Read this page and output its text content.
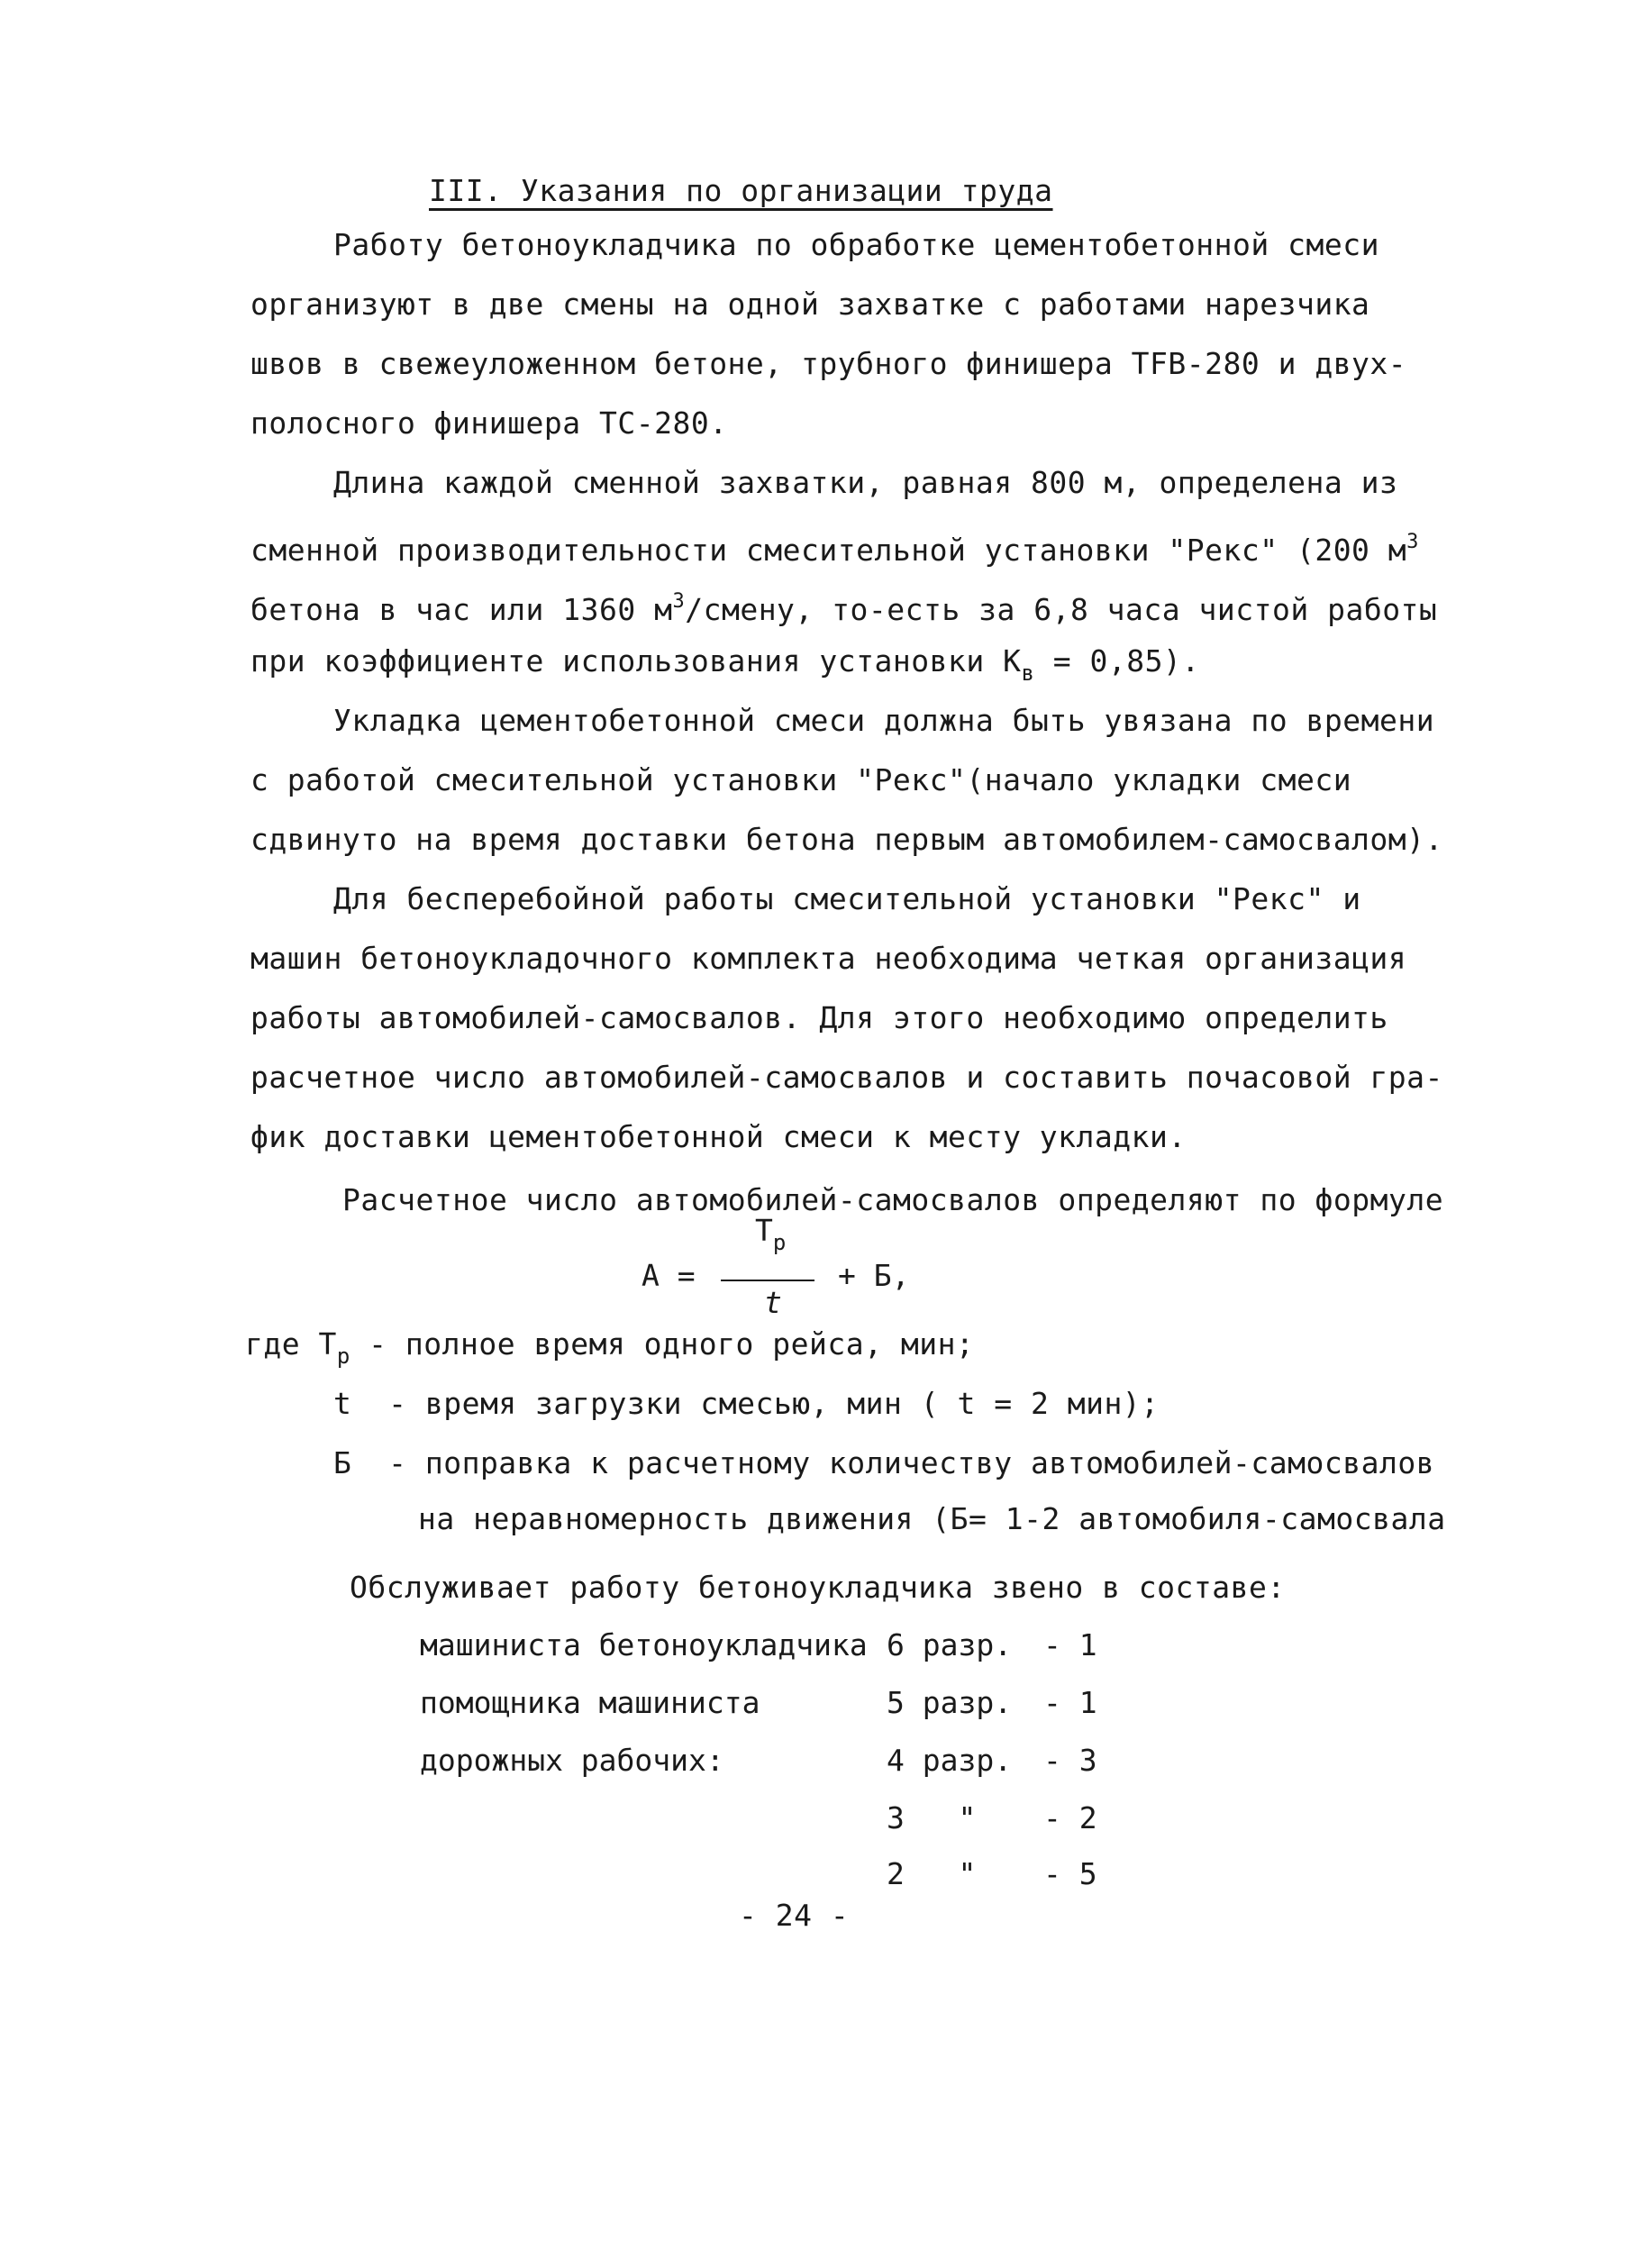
III. Указания по организации труда
Работу бетоноукладчика по обработке цементобетонной смеси
организуют в две смены на одной захватке с работами нарезчика
швов в свежеуложенном бетоне, трубного финишера ТFВ-280 и двух-
полосного финишера ТС-280.
Длина каждой сменной захватки, равная 800 м, определена из
сменной производительности смесительной установки "Рекс" (200 $м^3$
бетона в час или 1360 $м^3$/смену, то-есть за 6,8 часа чистой работы
при коэффициенте использования установки $К_в = 0,85$).
Укладка цементобетонной смеси должна быть увязана по времени
с работой смесительной установки "Рекс"(начало укладки смеси
сдвинуто на время доставки бетона первым автомобилем-самосвалом).
Для бесперебойной работы смесительной установки "Рекс" и
машин бетоноукладочного комплекта необходима четкая организация
работы автомобилей-самосвалов. Для этого необходимо определить
расчетное число автомобилей-самосвалов и составить почасовой гра-
фик доставки цементобетонной смеси к месту укладки.
Расчетное число автомобилей-самосвалов определяют по формуле
$Т_р$
А =
t
+ Б,
где $Т_р$ - полное время одного рейса, мин;
t  - время загрузки смесью, мин ( t = 2 мин);
Б  - поправка к расчетному количеству автомобилей-самосвалов
на неравномерность движения (Б= 1-2 автомобиля-самосвала
Обслуживает работу бетоноукладчика звено в составе:
машиниста бетоноукладчика 6 разр. - 1
помощника машиниста	5 разр. - 1
дорожных рабочих:	4 разр. - 3
3   " - 2
2   " - 5
- 24 -
